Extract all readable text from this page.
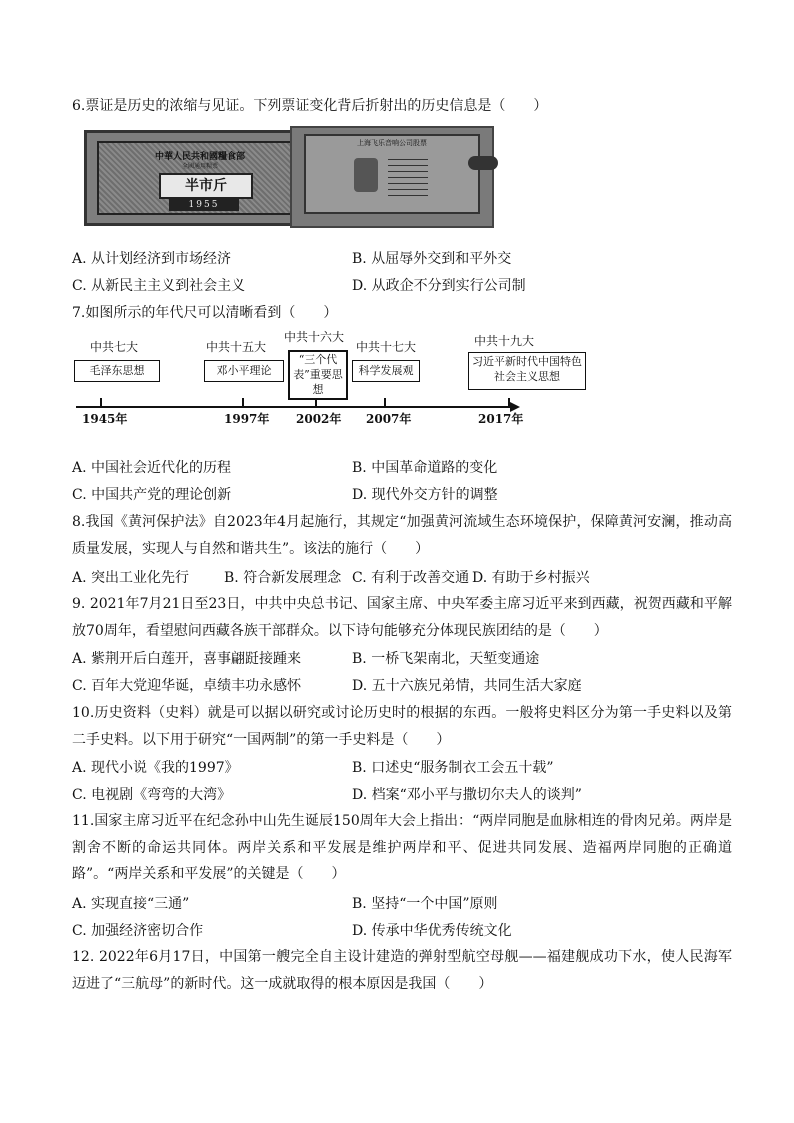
6.票证是历史的浓缩与见证。下列票证变化背后折射出的历史信息是（　　）
中華人民共和國糧食部
全國通用糧票
半市斤
1955
上海飞乐音响公司股票
A. 从计划经济到市场经济	B. 从屈辱外交到和平外交
C. 从新民主主义到社会主义	D. 从政企不分到实行公司制
7.如图所示的年代尺可以清晰看到（　　）
中共七大
毛泽东思想
1945年
中共十五大
邓小平理论
1997年
中共十六大
“三个代表”重要思想
2002年
中共十七大
科学发展观
2007年
中共十九大
习近平新时代中国特色社会主义思想
2017年
A. 中国社会近代化的历程	B. 中国革命道路的变化
C. 中国共产党的理论创新	D. 现代外交方针的调整
8.我国《黄河保护法》自2023年4月起施行，其规定“加强黄河流域生态环境保护，保障黄河安澜，推动高质量发展，实现人与自然和谐共生”。该法的施行（　　）
A. 突出工业化先行 B. 符合新发展理念 C. 有利于改善交通 D. 有助于乡村振兴
9. 2021年7月21日至23日，中共中央总书记、国家主席、中央军委主席习近平来到西藏，祝贺西藏和平解放70周年，看望慰问西藏各族干部群众。以下诗句能够充分体现民族团结的是（　　）
A. 紫荆开后白莲开，喜事翩跹接踵来	B. 一桥飞架南北，天堑变通途
C. 百年大党迎华诞，卓绩丰功永感怀	D. 五十六族兄弟情，共同生活大家庭
10.历史资料（史料）就是可以据以研究或讨论历史时的根据的东西。一般将史料区分为第一手史料以及第二手史料。以下用于研究“一国两制”的第一手史料是（　　）
A. 现代小说《我的1997》	B. 口述史“服务制衣工会五十载”
C. 电视剧《弯弯的大湾》	D. 档案“邓小平与撒切尔夫人的谈判”
11.国家主席习近平在纪念孙中山先生诞辰150周年大会上指出：“两岸同胞是血脉相连的骨肉兄弟。两岸是割舍不断的命运共同体。两岸关系和平发展是维护两岸和平、促进共同发展、造福两岸同胞的正确道路”。“两岸关系和平发展”的关键是（　　）
A. 实现直接“三通”	B. 坚持“一个中国”原则
C. 加强经济密切合作	D. 传承中华优秀传统文化
12. 2022年6月17日，中国第一艘完全自主设计建造的弹射型航空母舰——福建舰成功下水，使人民海军迈进了“三航母”的新时代。这一成就取得的根本原因是我国（　　）
